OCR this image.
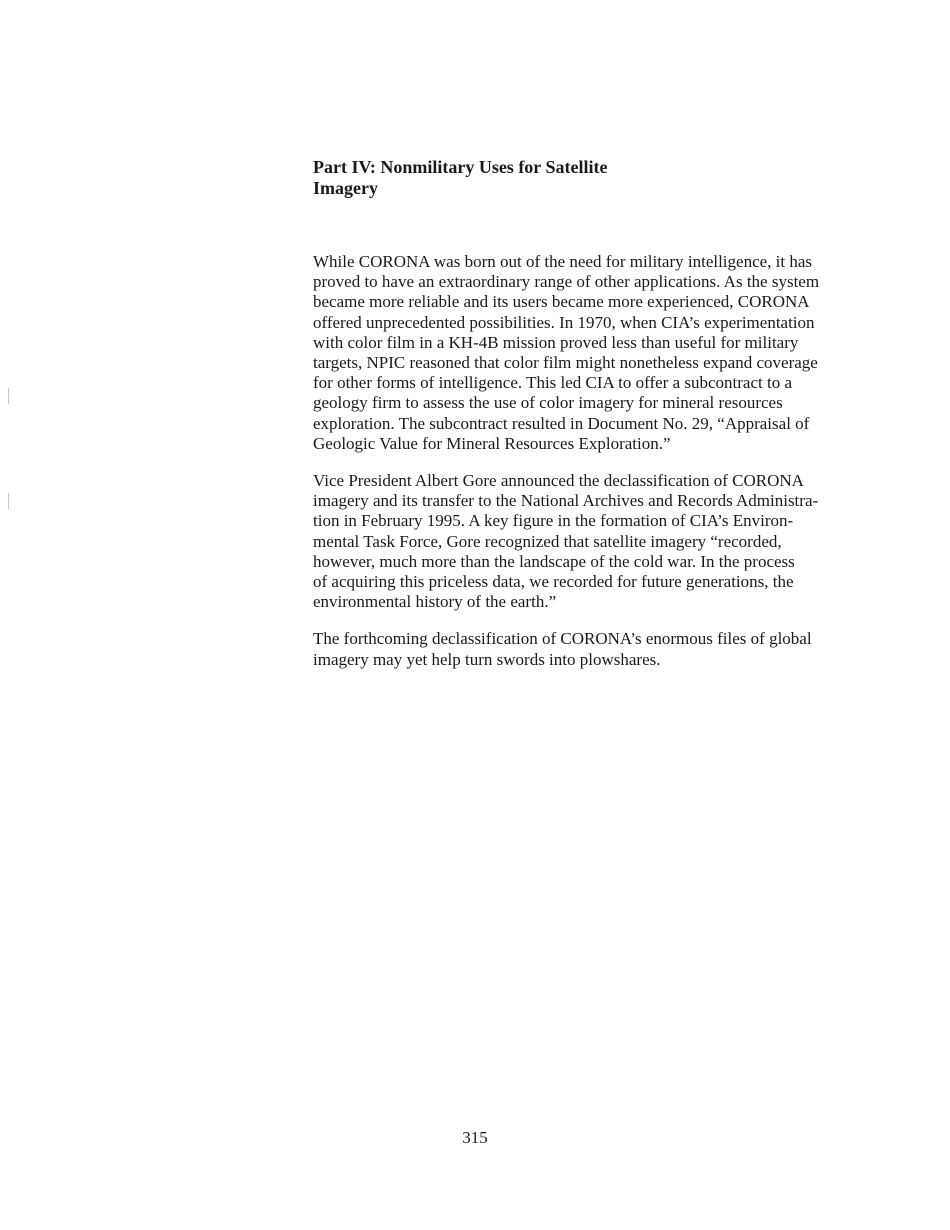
Part IV: Nonmilitary Uses for Satellite
Imagery

While CORONA was born out of the need for military intelligence, it has
proved to have an extraordinary range of other applications. As the system
became more reliable and its users became more experienced, CORONA
offered unprecedented possibilities. In 1970, when CIA’s experimentation
with color film in a KH-4B mission proved less than useful for military
targets, NPIC reasoned that color film might nonetheless expand coverage
for other forms of intelligence. This led CIA to offer a subcontract to a
geology firm to assess the use of color imagery for mineral resources
exploration. The subcontract resulted in Document No. 29, “Appraisal of
Geologic Value for Mineral Resources Exploration.”

Vice President Albert Gore announced the declassification of CORONA
imagery and its transfer to the National Archives and Records Administra-
tion in February 1995. A key figure in the formation of CIA’s Environ-
mental Task Force, Gore recognized that satellite imagery “recorded,
however, much more than the landscape of the cold war. In the process
of acquiring this priceless data, we recorded for future generations, the
environmental history of the earth.”

The forthcoming declassification of CORONA’s enormous files of global
imagery may yet help turn swords into plowshares.

315
